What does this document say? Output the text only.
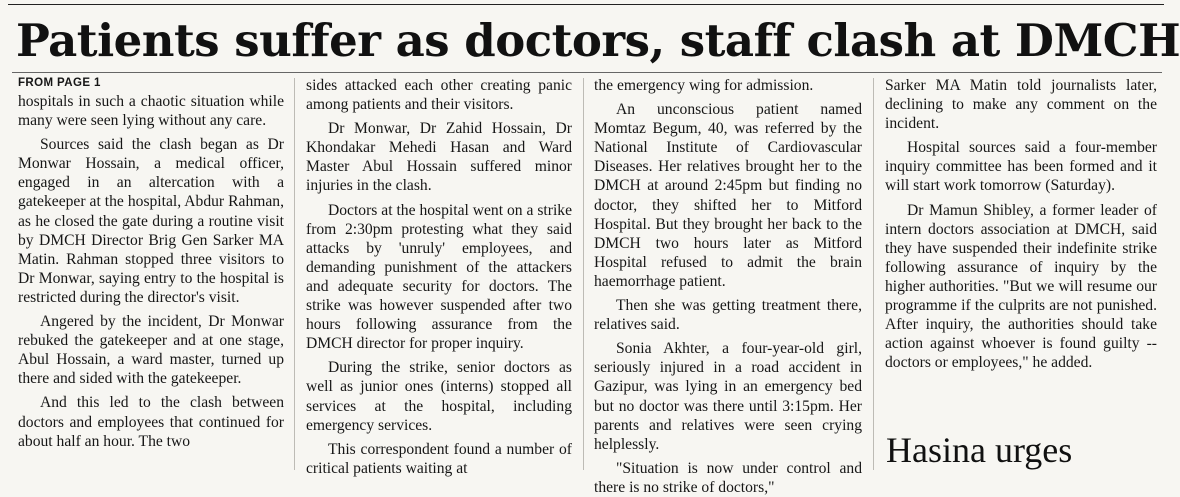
Patients suffer as doctors, staff clash at DMCH
FROM PAGE 1

hospitals in such a chaotic situation while many were seen lying without any care.

Sources said the clash began as Dr Monwar Hossain, a medical officer, engaged in an altercation with a gatekeeper at the hospital, Abdur Rahman, as he closed the gate during a routine visit by DMCH Director Brig Gen Sarker MA Matin. Rahman stopped three visitors to Dr Monwar, saying entry to the hospital is restricted during the director's visit.

Angered by the incident, Dr Monwar rebuked the gatekeeper and at one stage, Abul Hossain, a ward master, turned up there and sided with the gatekeeper.

And this led to the clash between doctors and employees that continued for about half an hour. The two

sides attacked each other creating panic among patients and their visitors.

Dr Monwar, Dr Zahid Hossain, Dr Khondakar Mehedi Hasan and Ward Master Abul Hossain suffered minor injuries in the clash.

Doctors at the hospital went on a strike from 2:30pm protesting what they said attacks by 'unruly' employees, and demanding punishment of the attackers and adequate security for doctors. The strike was however suspended after two hours following assurance from the DMCH director for proper inquiry.

During the strike, senior doctors as well as junior ones (interns) stopped all services at the hospital, including emergency services.

This correspondent found a number of critical patients waiting at

the emergency wing for admission.

An unconscious patient named Momtaz Begum, 40, was referred by the National Institute of Cardiovascular Diseases. Her relatives brought her to the DMCH at around 2:45pm but finding no doctor, they shifted her to Mitford Hospital. But they brought her back to the DMCH two hours later as Mitford Hospital refused to admit the brain haemorrhage patient.

Then she was getting treatment there, relatives said.

Sonia Akhter, a four-year-old girl, seriously injured in a road accident in Gazipur, was lying in an emergency bed but no doctor was there until 3:15pm. Her parents and relatives were seen crying helplessly.

"Situation is now under control and there is no strike of doctors,"

Sarker MA Matin told journalists later, declining to make any comment on the incident.

Hospital sources said a four-member inquiry committee has been formed and it will start work tomorrow (Saturday).

Dr Mamun Shibley, a former leader of intern doctors association at DMCH, said they have suspended their indefinite strike following assurance of inquiry by the higher authorities. "But we will resume our programme if the culprits are not punished. After inquiry, the authorities should take action against whoever is found guilty -- doctors or employees," he added.

Hasina urges
